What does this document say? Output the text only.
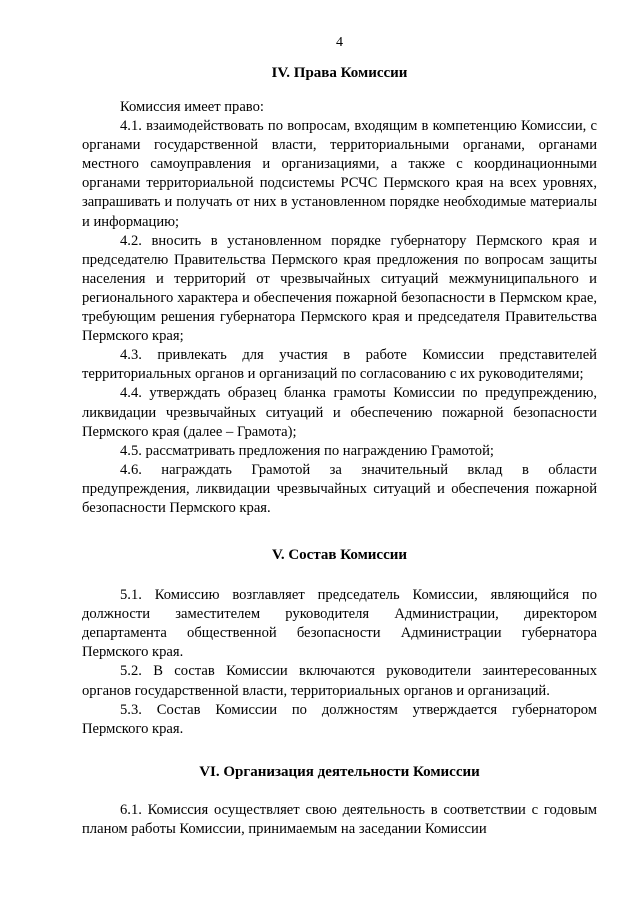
4
IV. Права Комиссии

Комиссия имеет право:

4.1. взаимодействовать по вопросам, входящим в компетенцию Комиссии, с органами государственной власти, территориальными органами, органами местного самоуправления и организациями, а также с координационными органами территориальной подсистемы РСЧС Пермского края на всех уровнях, запрашивать и получать от них в установленном порядке необходимые материалы и информацию;

4.2. вносить в установленном порядке губернатору Пермского края и председателю Правительства Пермского края предложения по вопросам защиты населения и территорий от чрезвычайных ситуаций межмуниципального и регионального характера и обеспечения пожарной безопасности в Пермском крае, требующим решения губернатора Пермского края и председателя Правительства Пермского края;

4.3. привлекать для участия в работе Комиссии представителей территориальных органов и организаций по согласованию с их руководителями;

4.4. утверждать образец бланка грамоты Комиссии по предупреждению, ликвидации чрезвычайных ситуаций и обеспечению пожарной безопасности Пермского края (далее – Грамота);

4.5. рассматривать предложения по награждению Грамотой;

4.6. награждать Грамотой за значительный вклад в области предупреждения, ликвидации чрезвычайных ситуаций и обеспечения пожарной безопасности Пермского края.

V. Состав Комиссии

5.1. Комиссию возглавляет председатель Комиссии, являющийся по должности заместителем руководителя Администрации, директором департамента общественной безопасности Администрации губернатора Пермского края.

5.2. В состав Комиссии включаются руководители заинтересованных органов государственной власти, территориальных органов и организаций.

5.3. Состав Комиссии по должностям утверждается губернатором Пермского края.

VI. Организация деятельности Комиссии

6.1. Комиссия осуществляет свою деятельность в соответствии с годовым планом работы Комиссии, принимаемым на заседании Комиссии
